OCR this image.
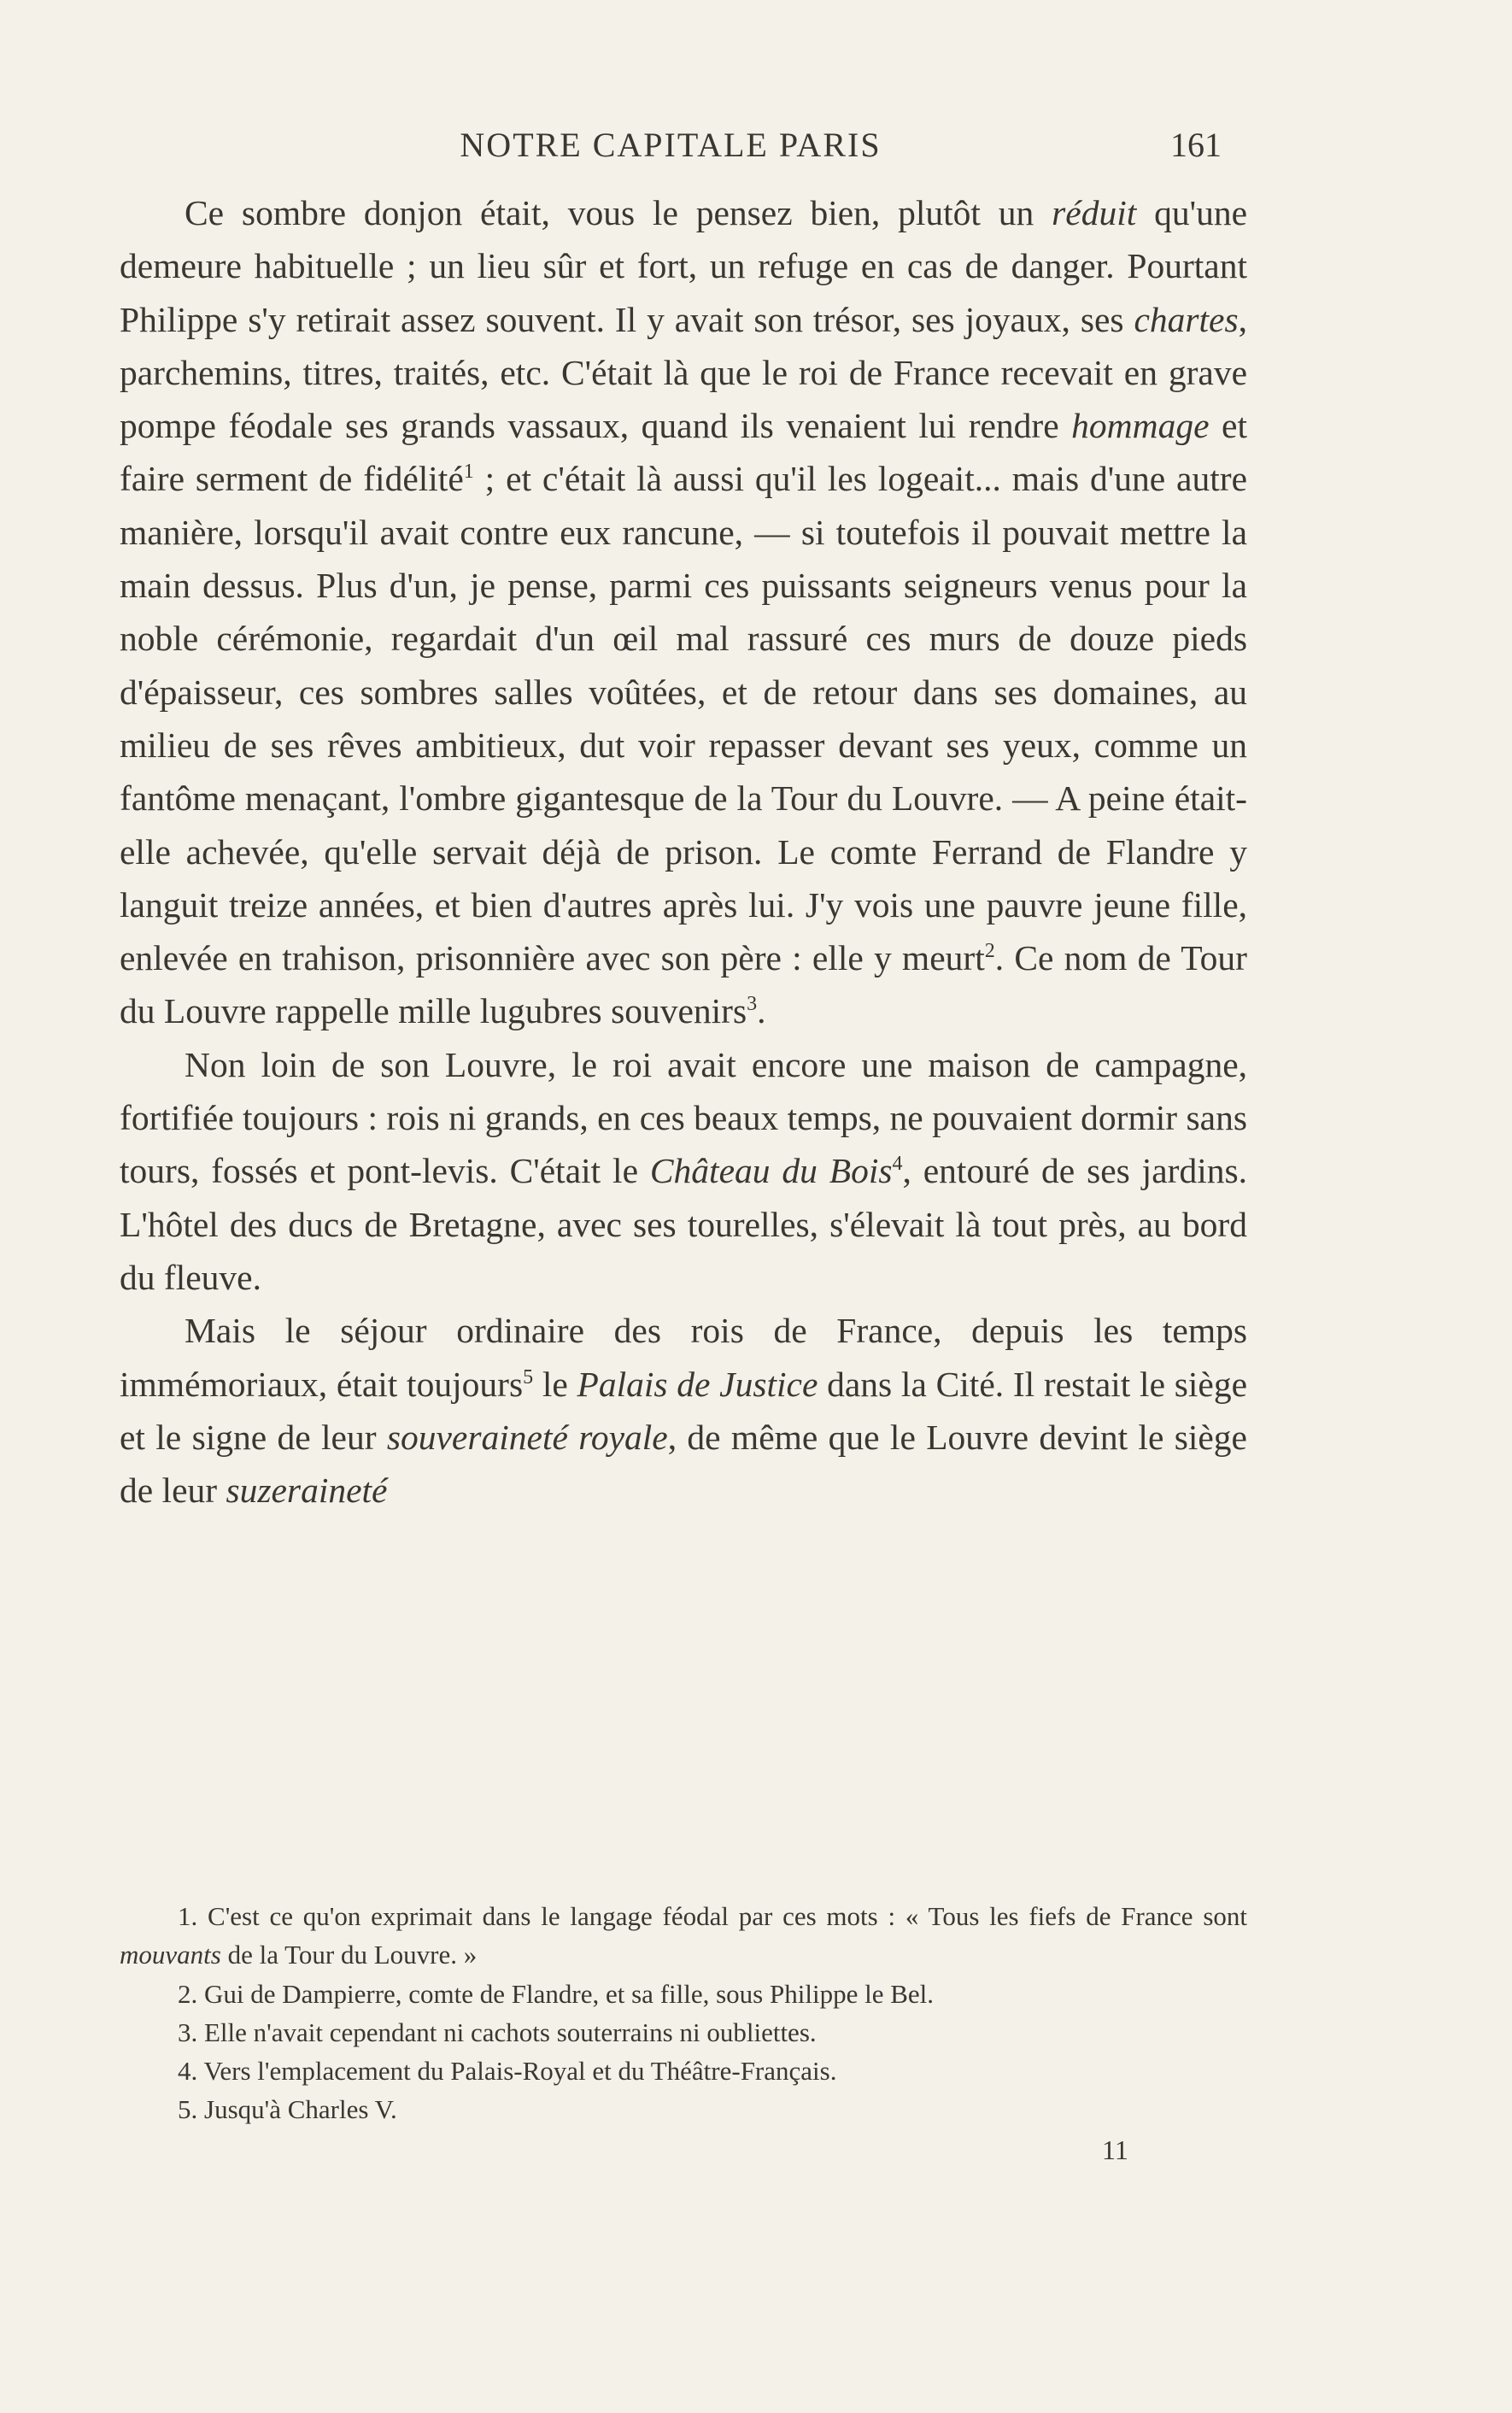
NOTRE CAPITALE PARIS	161

Ce sombre donjon était, vous le pensez bien, plutôt un réduit qu'une demeure habituelle ; un lieu sûr et fort, un refuge en cas de danger. Pourtant Philippe s'y retirait assez souvent. Il y avait son trésor, ses joyaux, ses chartes, parchemins, titres, traités, etc. C'était là que le roi de France recevait en grave pompe féodale ses grands vassaux, quand ils venaient lui rendre hommage et faire serment de fidélité$^1$ ; et c'était là aussi qu'il les logeait... mais d'une autre manière, lorsqu'il avait contre eux rancune, — si toutefois il pouvait mettre la main dessus. Plus d'un, je pense, parmi ces puissants seigneurs venus pour la noble cérémonie, regardait d'un œil mal rassuré ces murs de douze pieds d'épaisseur, ces sombres salles voûtées, et de retour dans ses domaines, au milieu de ses rêves ambitieux, dut voir repasser devant ses yeux, comme un fantôme menaçant, l'ombre gigantesque de la Tour du Louvre. — A peine était-elle achevée, qu'elle servait déjà de prison. Le comte Ferrand de Flandre y languit treize années, et bien d'autres après lui. J'y vois une pauvre jeune fille, enlevée en trahison, prisonnière avec son père : elle y meurt$^2$. Ce nom de Tour du Louvre rappelle mille lugubres souvenirs$^3$.

Non loin de son Louvre, le roi avait encore une maison de campagne, fortifiée toujours : rois ni grands, en ces beaux temps, ne pouvaient dormir sans tours, fossés et pont-levis. C'était le Château du Bois$^4$, entouré de ses jardins. L'hôtel des ducs de Bretagne, avec ses tourelles, s'élevait là tout près, au bord du fleuve.

Mais le séjour ordinaire des rois de France, depuis les temps immémoriaux, était toujours$^5$ le Palais de Justice dans la Cité. Il restait le siège et le signe de leur souveraineté royale, de même que le Louvre devint le siège de leur suzeraineté

1. C'est ce qu'on exprimait dans le langage féodal par ces mots : « Tous les fiefs de France sont mouvants de la Tour du Louvre. »

2. Gui de Dampierre, comte de Flandre, et sa fille, sous Philippe le Bel.

3. Elle n'avait cependant ni cachots souterrains ni oubliettes.

4. Vers l'emplacement du Palais-Royal et du Théâtre-Français.

5. Jusqu'à Charles V.

11
